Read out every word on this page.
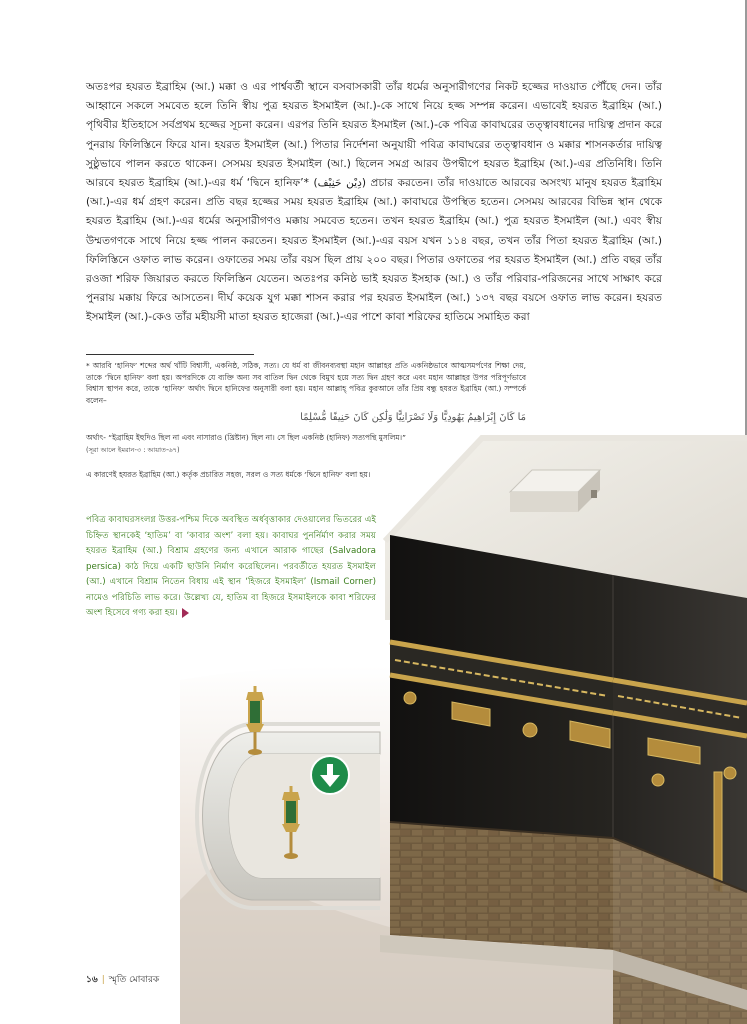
অতঃপর হযরত ইব্রাহিম (আ.) মক্কা ও এর পার্শ্ববর্তী স্থানে বসবাসকারী তাঁর ধর্মের অনুসারীগণের নিকট হজ্জের দাওয়াত পৌঁছে দেন। তাঁর আহ্বানে সকলে সমবেত হলে তিনি স্বীয় পুত্র হযরত ইসমাইল (আ.)-কে সাথে নিয়ে হজ্জ সম্পন্ন করেন। এভাবেই হযরত ইব্রাহিম (আ.) পৃথিবীর ইতিহাসে সর্বপ্রথম হজ্জের সূচনা করেন। এরপর তিনি হযরত ইসমাইল (আ.)-কে পবিত্র কাবাঘরের তত্ত্বাবধানের দায়িত্ব প্রদান করে পুনরায় ফিলিস্তিনে ফিরে যান। হযরত ইসমাইল (আ.) পিতার নির্দেশনা অনুযায়ী পবিত্র কাবাঘরের তত্ত্বাবধান ও মক্কার শাসনকর্তার দায়িত্ব সুষ্ঠুভাবে পালন করতে থাকেন। সেসময় হযরত ইসমাইল (আ.) ছিলেন সমগ্র আরব উপদ্বীপে হযরত ইব্রাহিম (আ.)-এর প্রতিনিধি। তিনি আরবে হযরত ইব্রাহিম (আ.)-এর ধর্ম ‘দ্বিনে হানিফ’* (دِيْن حَنِيْف) প্রচার করতেন। তাঁর দাওয়াতে আরবের অসংখ্য মানুষ হযরত ইব্রাহিম (আ.)-এর ধর্ম গ্রহণ করেন। প্রতি বছর হজ্জের সময় হযরত ইব্রাহিম (আ.) কাবাঘরে উপস্থিত হতেন। সেসময় আরবের বিভিন্ন স্থান থেকে হযরত ইব্রাহিম (আ.)-এর ধর্মের অনুসারীগণও মক্কায় সমবেত হতেন। তখন হযরত ইব্রাহিম (আ.) পুত্র হযরত ইসমাইল (আ.) এবং স্বীয় উম্মতগণকে সাথে নিয়ে হজ্জ পালন করতেন। হযরত ইসমাইল (আ.)-এর বয়স যখন ১১৪ বছর, তখন তাঁর পিতা হযরত ইব্রাহিম (আ.) ফিলিস্তিনে ওফাত লাভ করেন। ওফাতের সময় তাঁর বয়স ছিল প্রায় ২০০ বছর। পিতার ওফাতের পর হযরত ইসমাইল (আ.) প্রতি বছর তাঁর রওজা শরিফ জিয়ারত করতে ফিলিস্তিন যেতেন। অতঃপর কনিষ্ঠ ভাই হযরত ইসহাক (আ.) ও তাঁর পরিবার-পরিজনের সাথে সাক্ষাৎ করে পুনরায় মক্কায় ফিরে আসতেন। দীর্ঘ কয়েক যুগ মক্কা শাসন করার পর হযরত ইসমাইল (আ.) ১৩৭ বছর বয়সে ওফাত লাভ করেন। হযরত ইসমাইল (আ.)-কেও তাঁর মহীয়সী মাতা হযরত হাজেরা (আ.)-এর পাশে কাবা শরিফের হাতিমে সমাহিত করা

* আরবি ‘হানিফ’ শব্দের অর্থ খাঁটি বিশ্বাসী, একনিষ্ঠ, সঠিক, সত্য। যে ধর্ম বা জীবনব্যবস্থা মহান আল্লাহর প্রতি একনিষ্ঠভাবে আত্মসমর্পণের শিক্ষা দেয়, তাকে ‘দ্বিনে হানিফ’ বলা হয়। অপরদিকে যে ব্যক্তি অন্য সব বাতিল দ্বিন থেকে বিমুখ হয়ে সত্য দ্বিন গ্রহণ করে এবং মহান আল্লাহর উপর পরিপূর্ণভাবে বিশ্বাস স্থাপন করে, তাকে ‘হানিফ’ অর্থাৎ দ্বিনে হানিফের অনুসারী বলা হয়। মহান আল্লাহ্‌ পবিত্র কুরআনে তাঁর প্রিয় বন্ধু হযরত ইব্রাহিম (আ.) সম্পর্কে বলেন–

مَا كَانَ إِبْرَاهِيمُ يَهُودِيًّا وَلَا نَصْرَانِيًّا وَلَٰكِن كَانَ حَنِيفًا مُّسْلِمًا

অর্থাৎ- “ইব্রাহিম ইহুদিও ছিল না এবং নাসারাও (খ্রিষ্টান) ছিল না। সে ছিল একনিষ্ঠ (হানিফ) সত্যপন্থি মুসলিম।”

(সূরা আলে ইমরান-৩ : আয়াত-৬৭)

এ কারণেই হযরত ইব্রাহিম (আ.) কর্তৃক প্রচারিত সহজ, সরল ও সত্য ধর্মকে ‘দ্বিনে হানিফ’ বলা হয়।

পবিত্র কাবাঘরসংলগ্ন উত্তর-পশ্চিম দিকে অবস্থিত অর্ধবৃত্তাকার দেওয়ালের ভিতরের এই চিহ্নিত স্থানকেই ‘হাতিম’ বা ‘কাবার অংশ’ বলা হয়। কাবাঘর পুনর্নির্মাণ করার সময় হযরত ইব্রাহিম (আ.) বিশ্রাম গ্রহণের জন্য এখানে আরাক গাছের (Salvadora persica) কাঠ দিয়ে একটি ছাউনি নির্মাণ করেছিলেন। পরবর্তীতে হযরত ইসমাইল (আ.) এখানে বিশ্রাম নিতেন বিধায় এই স্থান ‘হিজরে ইসমাইল’ (Ismail Corner) নামেও পরিচিতি লাভ করে। উল্লেখ্য যে, হাতিম বা হিজরে ইসমাইলকে কাবা শরিফের অংশ হিসেবে গণ্য করা হয়।

১৬ | স্মৃতি মোবারক
